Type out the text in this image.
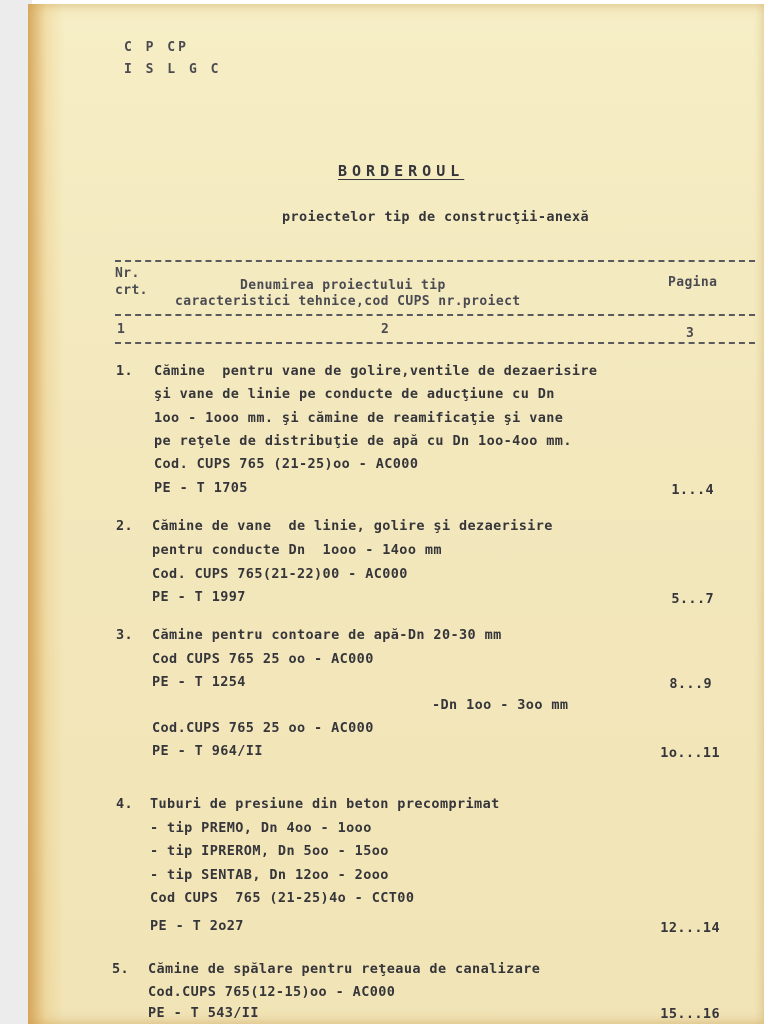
C P CP
I S L G C
BORDEROUL
proiectelor tip de construcţii-anexă
Nr.
crt.	Denumirea proiectului tip
caracteristici tehnice,cod CUPS nr.proiect
Pagina
1	2	3
1. Cămine  pentru vane de golire,ventile de dezaerisire
şi vane de linie pe conducte de aducţiune cu Dn
1oo - 1ooo mm. şi cămine de reamificaţie şi vane
pe reţele de distribuţie de apă cu Dn 1oo-4oo mm.
Cod. CUPS 765 (21-25)oo - AC000
PE - T 1705	1...4
2. Cămine de vane  de linie, golire şi dezaerisire
pentru conducte Dn  1ooo - 14oo mm
Cod. CUPS 765(21-22)00 - AC000
PE - T 1997	5...7
3. Cămine pentru contoare de apă-Dn 20-30 mm
Cod CUPS 765 25 oo - AC000
PE - T 1254	8...9
-Dn 1oo - 3oo mm
Cod.CUPS 765 25 oo - AC000
PE - T 964/II	1o...11
4. Tuburi de presiune din beton precomprimat
- tip PREMO, Dn 4oo - 1ooo
- tip IPREROM, Dn 5oo - 15oo
- tip SENTAB, Dn 12oo - 2ooo
Cod CUPS  765 (21-25)4o - CCT00
PE - T 2o27	12...14
5. Cămine de spălare pentru reţeaua de canalizare
Cod.CUPS 765(12-15)oo - AC000
PE - T 543/II	15...16
